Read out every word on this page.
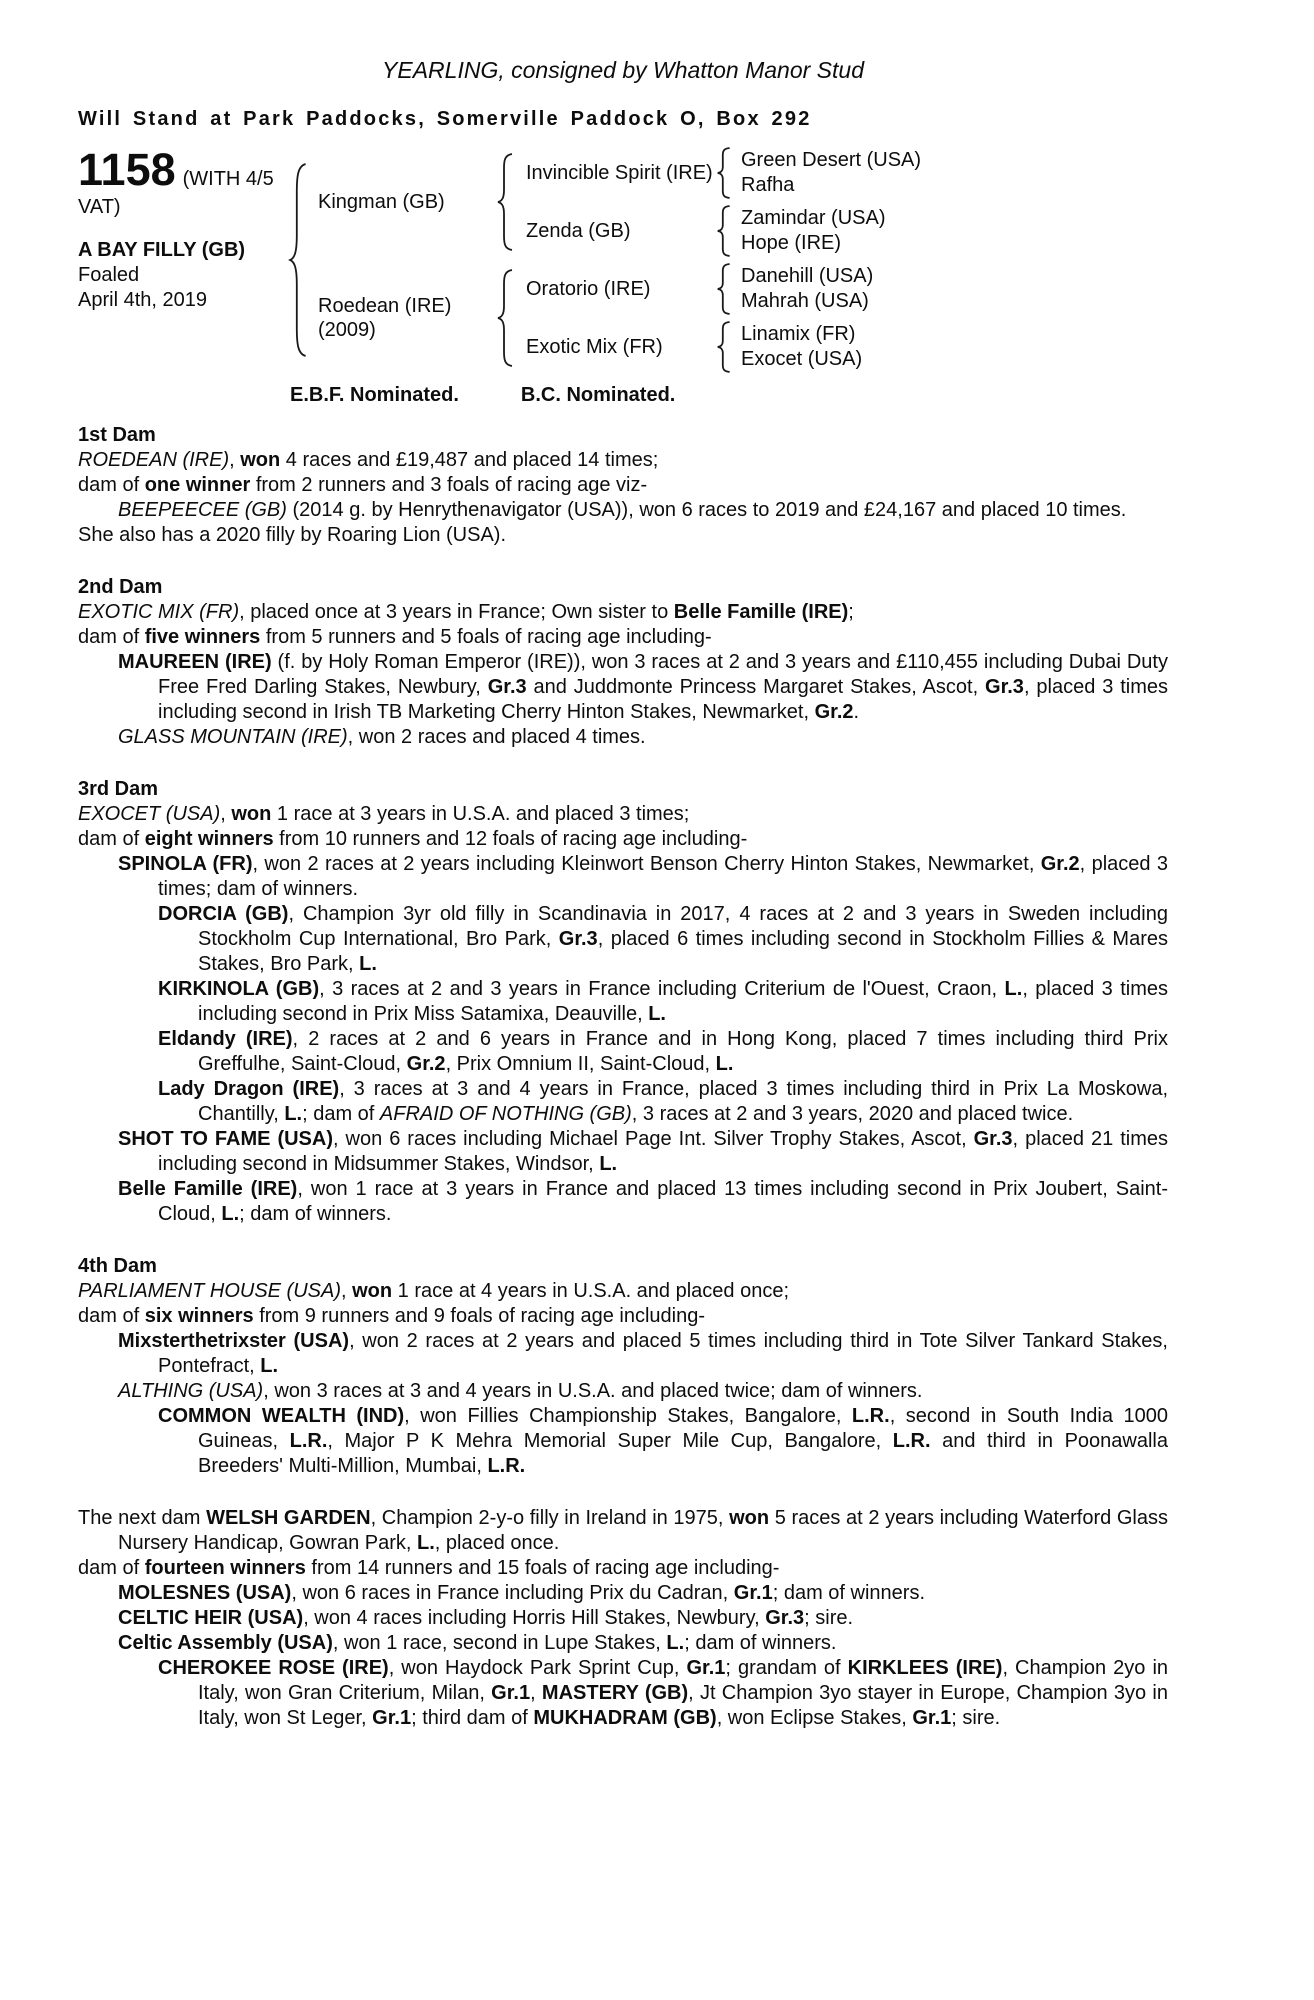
YEARLING, consigned by Whatton Manor Stud
Will Stand at Park Paddocks, Somerville Paddock O, Box 292
1158 (WITH 4/5
VAT)
A BAY FILLY (GB)
Foaled
April 4th, 2019
Kingman (GB)
Invincible Spirit (IRE)
Green Desert (USA)
Rafha
Zenda (GB)
Zamindar (USA)
Hope (IRE)
Roedean (IRE)
(2009)
Oratorio (IRE)
Danehill (USA)
Mahrah (USA)
Exotic Mix (FR)
Linamix (FR)
Exocet (USA)
E.B.F. Nominated.	B.C. Nominated.
1st Dam

ROEDEAN (IRE), won 4 races and £19,487 and placed 14 times;

dam of one winner from 2 runners and 3 foals of racing age viz-

BEEPEECEE (GB) (2014 g. by Henrythenavigator (USA)), won 6 races to 2019 and £24,167 and placed 10 times.

She also has a 2020 filly by Roaring Lion (USA).

2nd Dam

EXOTIC MIX (FR), placed once at 3 years in France; Own sister to Belle Famille (IRE);

dam of five winners from 5 runners and 5 foals of racing age including-

MAUREEN (IRE) (f. by Holy Roman Emperor (IRE)), won 3 races at 2 and 3 years and £110,455 including Dubai Duty Free Fred Darling Stakes, Newbury, Gr.3 and Juddmonte Princess Margaret Stakes, Ascot, Gr.3, placed 3 times including second in Irish TB Marketing Cherry Hinton Stakes, Newmarket, Gr.2.

GLASS MOUNTAIN (IRE), won 2 races and placed 4 times.

3rd Dam

EXOCET (USA), won 1 race at 3 years in U.S.A. and placed 3 times;

dam of eight winners from 10 runners and 12 foals of racing age including-

SPINOLA (FR), won 2 races at 2 years including Kleinwort Benson Cherry Hinton Stakes, Newmarket, Gr.2, placed 3 times; dam of winners.

DORCIA (GB), Champion 3yr old filly in Scandinavia in 2017, 4 races at 2 and 3 years in Sweden including Stockholm Cup International, Bro Park, Gr.3, placed 6 times including second in Stockholm Fillies & Mares Stakes, Bro Park, L.

KIRKINOLA (GB), 3 races at 2 and 3 years in France including Criterium de l'Ouest, Craon, L., placed 3 times including second in Prix Miss Satamixa, Deauville, L.

Eldandy (IRE), 2 races at 2 and 6 years in France and in Hong Kong, placed 7 times including third Prix Greffulhe, Saint-Cloud, Gr.2, Prix Omnium II, Saint-Cloud, L.

Lady Dragon (IRE), 3 races at 3 and 4 years in France, placed 3 times including third in Prix La Moskowa, Chantilly, L.; dam of AFRAID OF NOTHING (GB), 3 races at 2 and 3 years, 2020 and placed twice.

SHOT TO FAME (USA), won 6 races including Michael Page Int. Silver Trophy Stakes, Ascot, Gr.3, placed 21 times including second in Midsummer Stakes, Windsor, L.

Belle Famille (IRE), won 1 race at 3 years in France and placed 13 times including second in Prix Joubert, Saint-Cloud, L.; dam of winners.

4th Dam

PARLIAMENT HOUSE (USA), won 1 race at 4 years in U.S.A. and placed once;

dam of six winners from 9 runners and 9 foals of racing age including-

Mixsterthetrixster (USA), won 2 races at 2 years and placed 5 times including third in Tote Silver Tankard Stakes, Pontefract, L.

ALTHING (USA), won 3 races at 3 and 4 years in U.S.A. and placed twice; dam of winners.

COMMON WEALTH (IND), won Fillies Championship Stakes, Bangalore, L.R., second in South India 1000 Guineas, L.R., Major P K Mehra Memorial Super Mile Cup, Bangalore, L.R. and third in Poonawalla Breeders' Multi-Million, Mumbai, L.R.

The next dam WELSH GARDEN, Champion 2-y-o filly in Ireland in 1975, won 5 races at 2 years including Waterford Glass Nursery Handicap, Gowran Park, L., placed once.

dam of fourteen winners from 14 runners and 15 foals of racing age including-

MOLESNES (USA), won 6 races in France including Prix du Cadran, Gr.1; dam of winners.

CELTIC HEIR (USA), won 4 races including Horris Hill Stakes, Newbury, Gr.3; sire.

Celtic Assembly (USA), won 1 race, second in Lupe Stakes, L.; dam of winners.

CHEROKEE ROSE (IRE), won Haydock Park Sprint Cup, Gr.1; grandam of KIRKLEES (IRE), Champion 2yo in Italy, won Gran Criterium, Milan, Gr.1, MASTERY (GB), Jt Champion 3yo stayer in Europe, Champion 3yo in Italy, won St Leger, Gr.1; third dam of MUKHADRAM (GB), won Eclipse Stakes, Gr.1; sire.
